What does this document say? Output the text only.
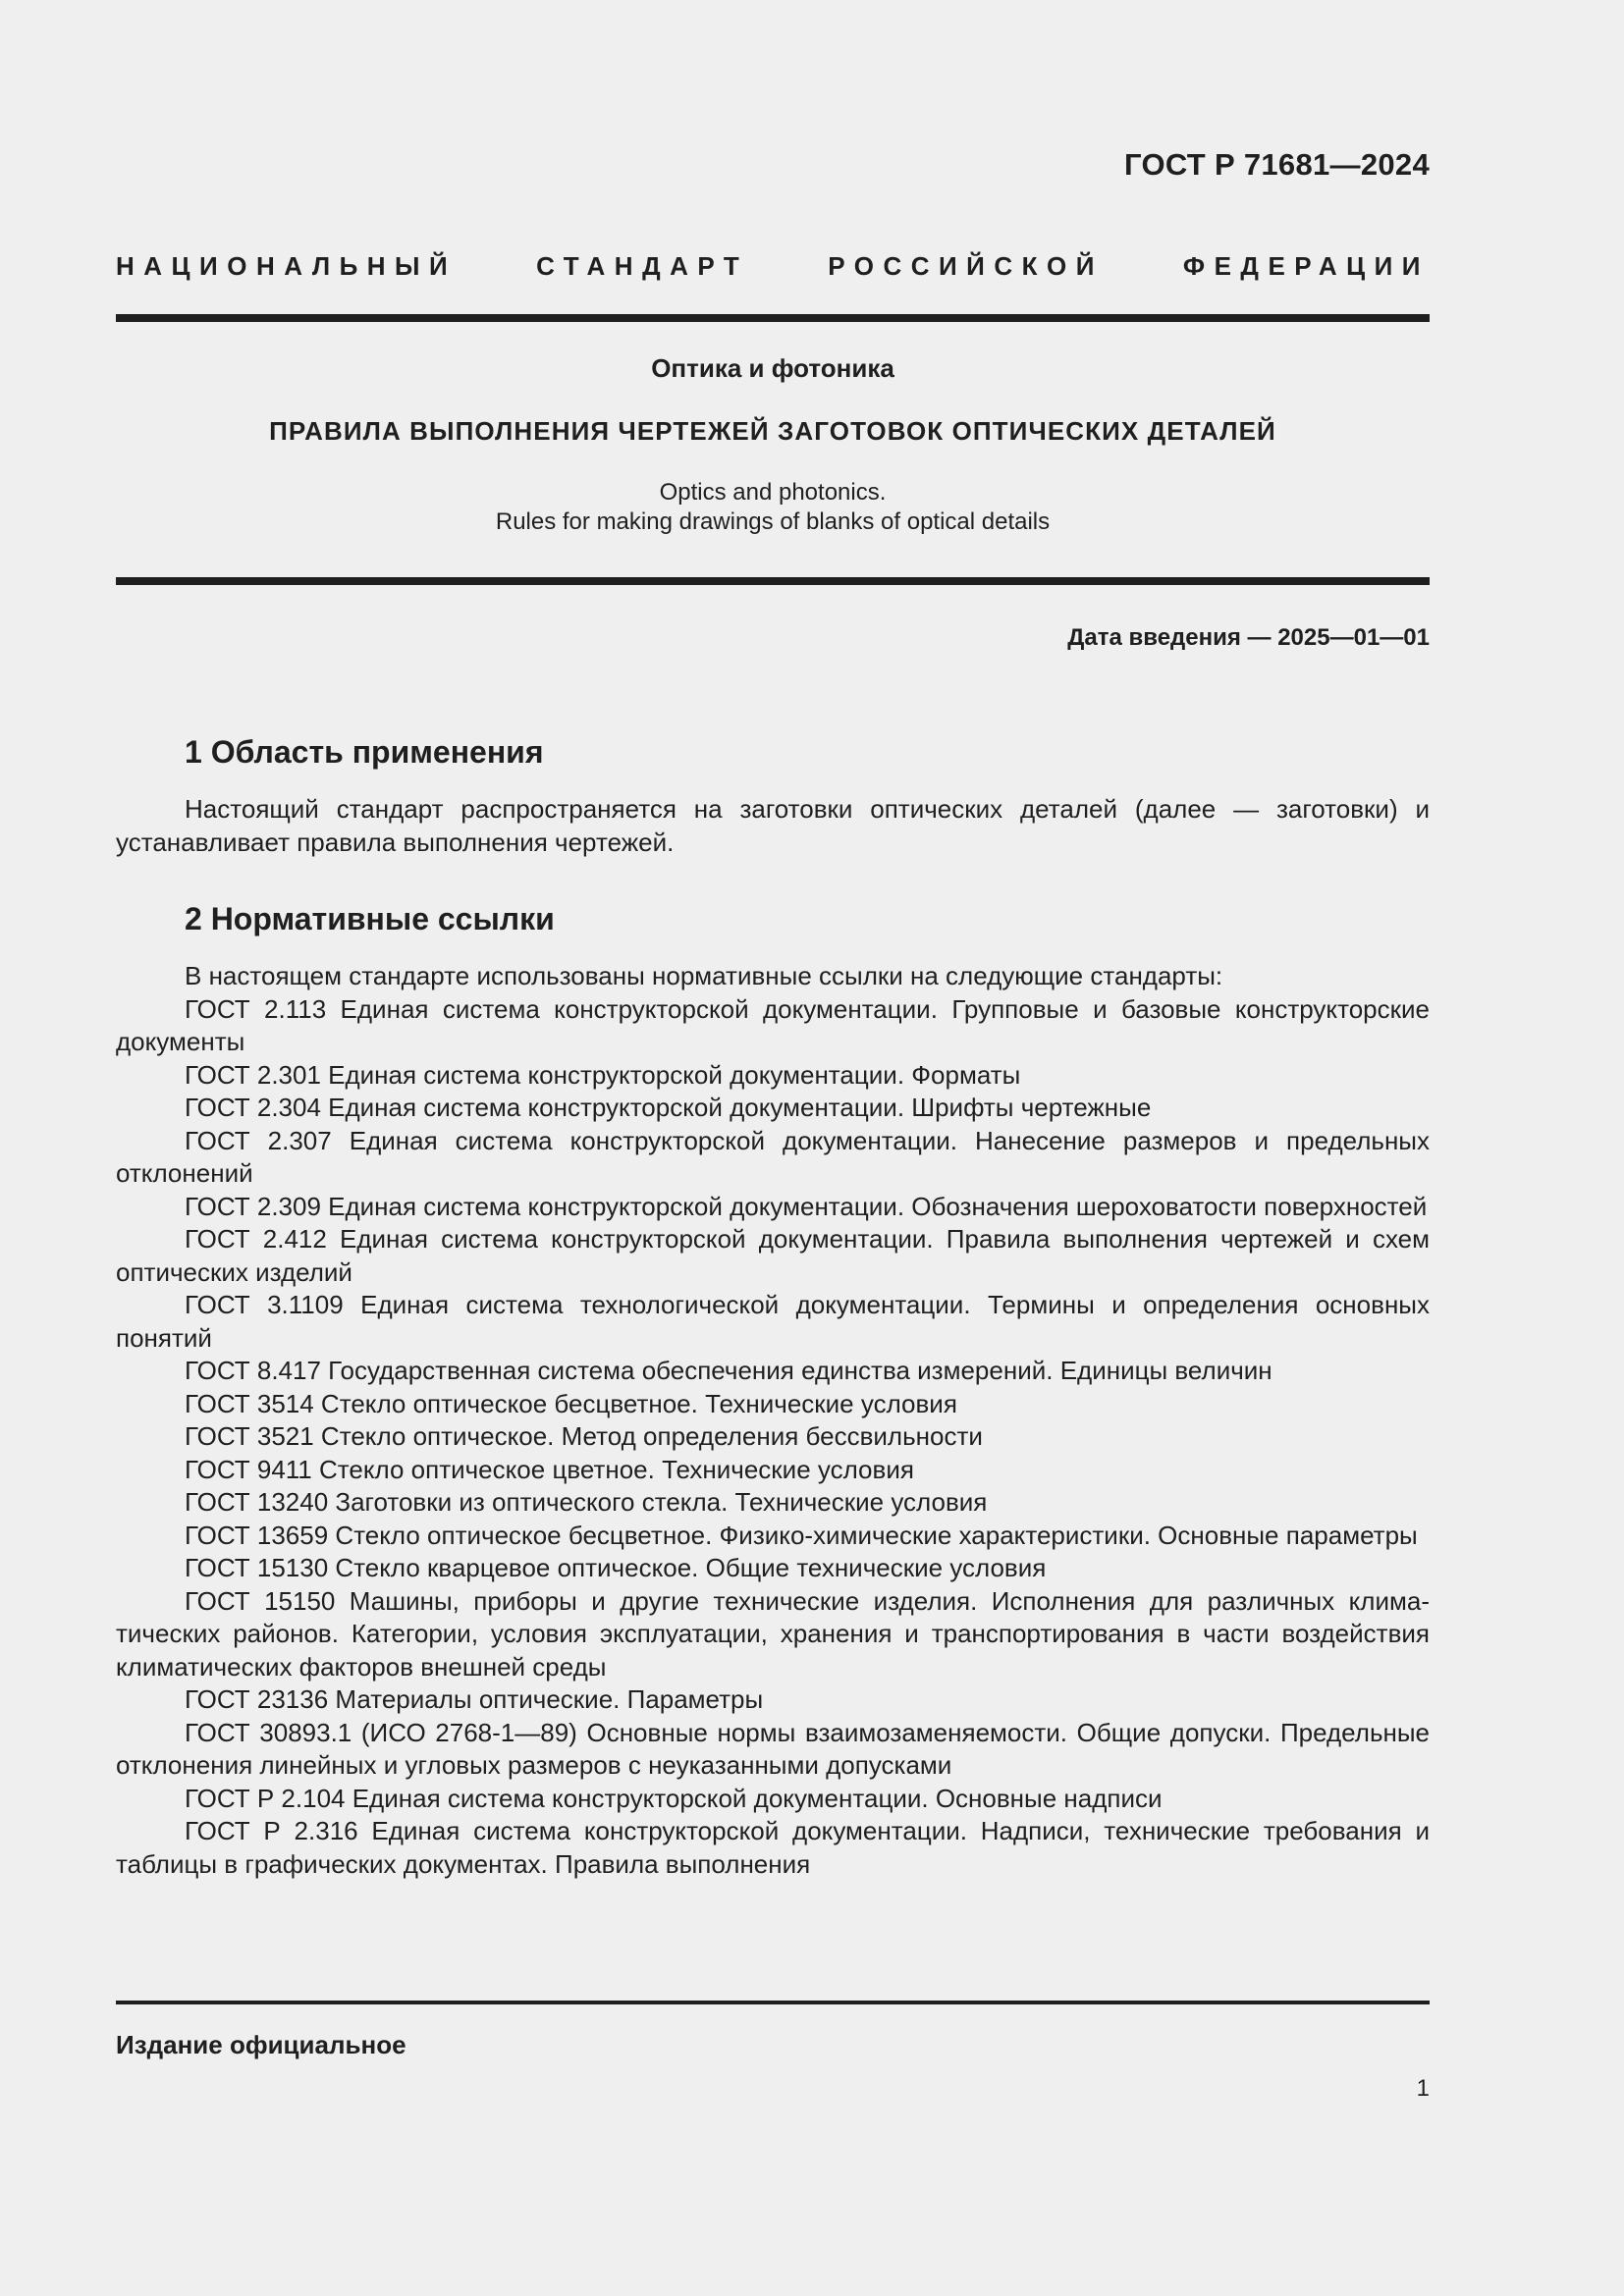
ГОСТ Р 71681—2024
НАЦИОНАЛЬНЫЙ СТАНДАРТ РОССИЙСКОЙ ФЕДЕРАЦИИ
Оптика и фотоника
ПРАВИЛА ВЫПОЛНЕНИЯ ЧЕРТЕЖЕЙ ЗАГОТОВОК ОПТИЧЕСКИХ ДЕТАЛЕЙ
Optics and photonics.
Rules for making drawings of blanks of optical details
Дата введения — 2025—01—01
1 Область применения

Настоящий стандарт распространяется на заготовки оптических деталей (далее — заготовки) и устанавливает правила выполнения чертежей.

2 Нормативные ссылки

В настоящем стандарте использованы нормативные ссылки на следующие стандарты:

ГОСТ 2.113 Единая система конструкторской документации. Групповые и базовые конструкторские документы

ГОСТ 2.301 Единая система конструкторской документации. Форматы

ГОСТ 2.304 Единая система конструкторской документации. Шрифты чертежные

ГОСТ 2.307 Единая система конструкторской документации. Нанесение размеров и предельных отклонений

ГОСТ 2.309 Единая система конструкторской документации. Обозначения шероховатости поверхностей

ГОСТ 2.412 Единая система конструкторской документации. Правила выполнения чертежей и схем оптических изделий

ГОСТ 3.1109 Единая система технологической документации. Термины и определения основных понятий

ГОСТ 8.417 Государственная система обеспечения единства измерений. Единицы величин

ГОСТ 3514 Стекло оптическое бесцветное. Технические условия

ГОСТ 3521 Стекло оптическое. Метод определения бессвильности

ГОСТ 9411 Стекло оптическое цветное. Технические условия

ГОСТ 13240 Заготовки из оптического стекла. Технические условия

ГОСТ 13659 Стекло оптическое бесцветное. Физико-химические характеристики. Основные параметры

ГОСТ 15130 Стекло кварцевое оптическое. Общие технические условия

ГОСТ 15150 Машины, приборы и другие технические изделия. Исполнения для различных климатических районов. Категории, условия эксплуатации, хранения и транспортирования в части воздействия климатических факторов внешней среды

ГОСТ 23136 Материалы оптические. Параметры

ГОСТ 30893.1 (ИСО 2768-1—89) Основные нормы взаимозаменяемости. Общие допуски. Предельные отклонения линейных и угловых размеров с неуказанными допусками

ГОСТ Р 2.104 Единая система конструкторской документации. Основные надписи

ГОСТ Р 2.316 Единая система конструкторской документации. Надписи, технические требования и таблицы в графических документах. Правила выполнения

Издание официальное
1
